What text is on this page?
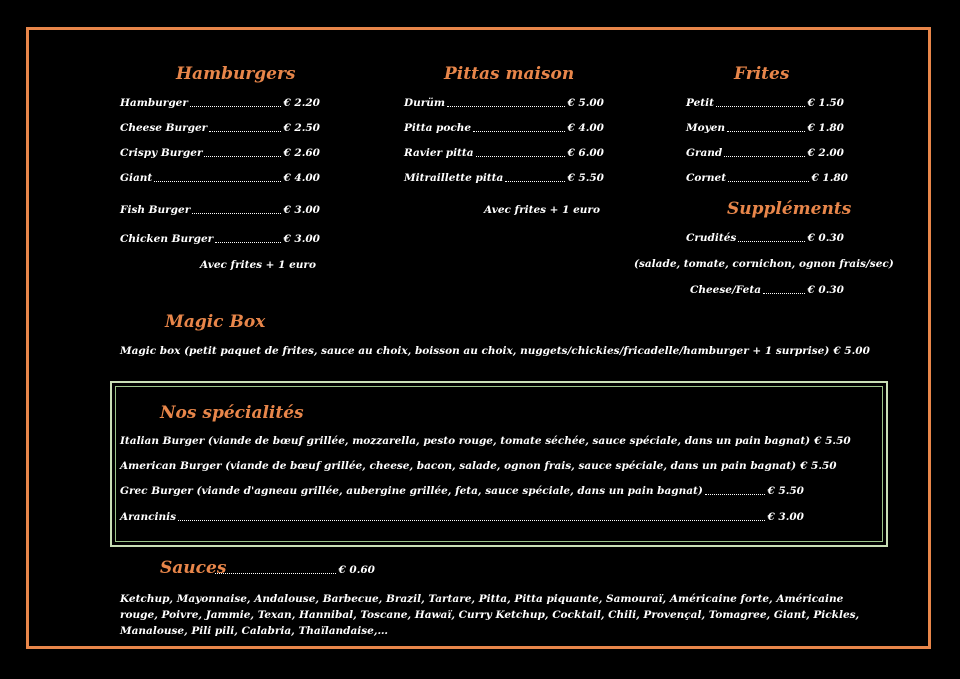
Hamburgers
Hamburger	€ 2.20
Cheese Burger	€ 2.50
Crispy Burger	€ 2.60
Giant	€ 4.00
Fish Burger	€ 3.00
Chicken Burger	€ 3.00
Avec frites + 1 euro
Pittas maison
Durüm	€ 5.00
Pitta poche	€ 4.00
Ravier pitta	€ 6.00
Mitraillette pitta	€ 5.50
Avec frites + 1 euro
Frites
Petit	€ 1.50
Moyen	€ 1.80
Grand	€ 2.00
Cornet	€ 1.80
Suppléments
Crudités	€ 0.30
(salade, tomate, cornichon, ognon frais/sec)
Cheese/Feta	€ 0.30
Magic Box
Magic box (petit paquet de frites, sauce au choix, boisson au choix, nuggets/chickies/fricadelle/hamburger + 1 surprise) € 5.00
Nos spécialités
Italian Burger (viande de bœuf grillée, mozzarella, pesto rouge, tomate séchée, sauce spéciale, dans un pain bagnat) € 5.50
American Burger (viande de bœuf grillée, cheese, bacon, salade, ognon frais, sauce spéciale, dans un pain bagnat) € 5.50
Grec Burger (viande d'agneau grillée, aubergine grillée, feta, sauce spéciale, dans un pain bagnat)	€ 5.50
Arancinis	€ 3.00
Sauces	€ 0.60
Ketchup, Mayonnaise, Andalouse, Barbecue, Brazil, Tartare, Pitta, Pitta piquante, Samouraï, Américaine forte, Américaine rouge, Poivre, Jammie, Texan, Hannibal, Toscane, Hawaï, Curry Ketchup, Cocktail, Chili, Provençal, Tomagree, Giant, Pickles, Manalouse, Pili pili, Calabria, Thaïlandaise,…
